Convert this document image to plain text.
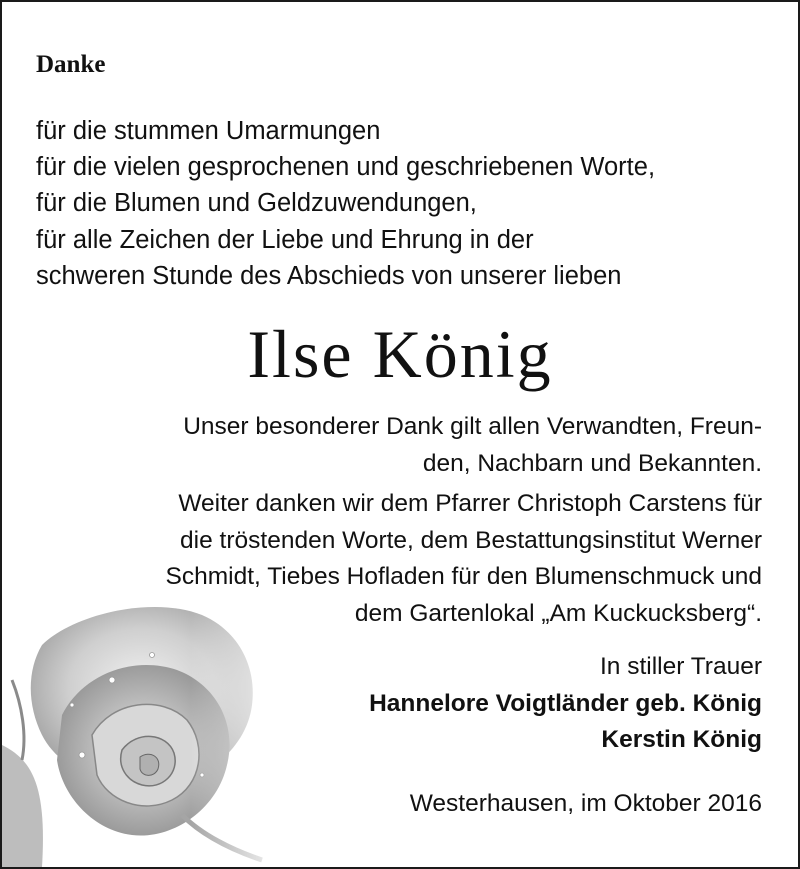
Danke
für die stummen Umarmungen
für die vielen gesprochenen und geschriebenen Worte,
für die Blumen und Geldzuwendungen,
für alle Zeichen der Liebe und Ehrung in der
schweren Stunde des Abschieds von unserer lieben
Ilse König
Unser besonderer Dank gilt allen Verwandten, Freun-
den, Nachbarn und Bekannten.
Weiter danken wir dem Pfarrer Christoph Carstens für
die tröstenden Worte, dem Bestattungsinstitut Werner
Schmidt, Tiebes Hofladen für den Blumenschmuck und
dem Gartenlokal „Am Kuckucksberg“.
In stiller Trauer
Hannelore Voigtländer geb. König
Kerstin König
Westerhausen, im Oktober 2016
